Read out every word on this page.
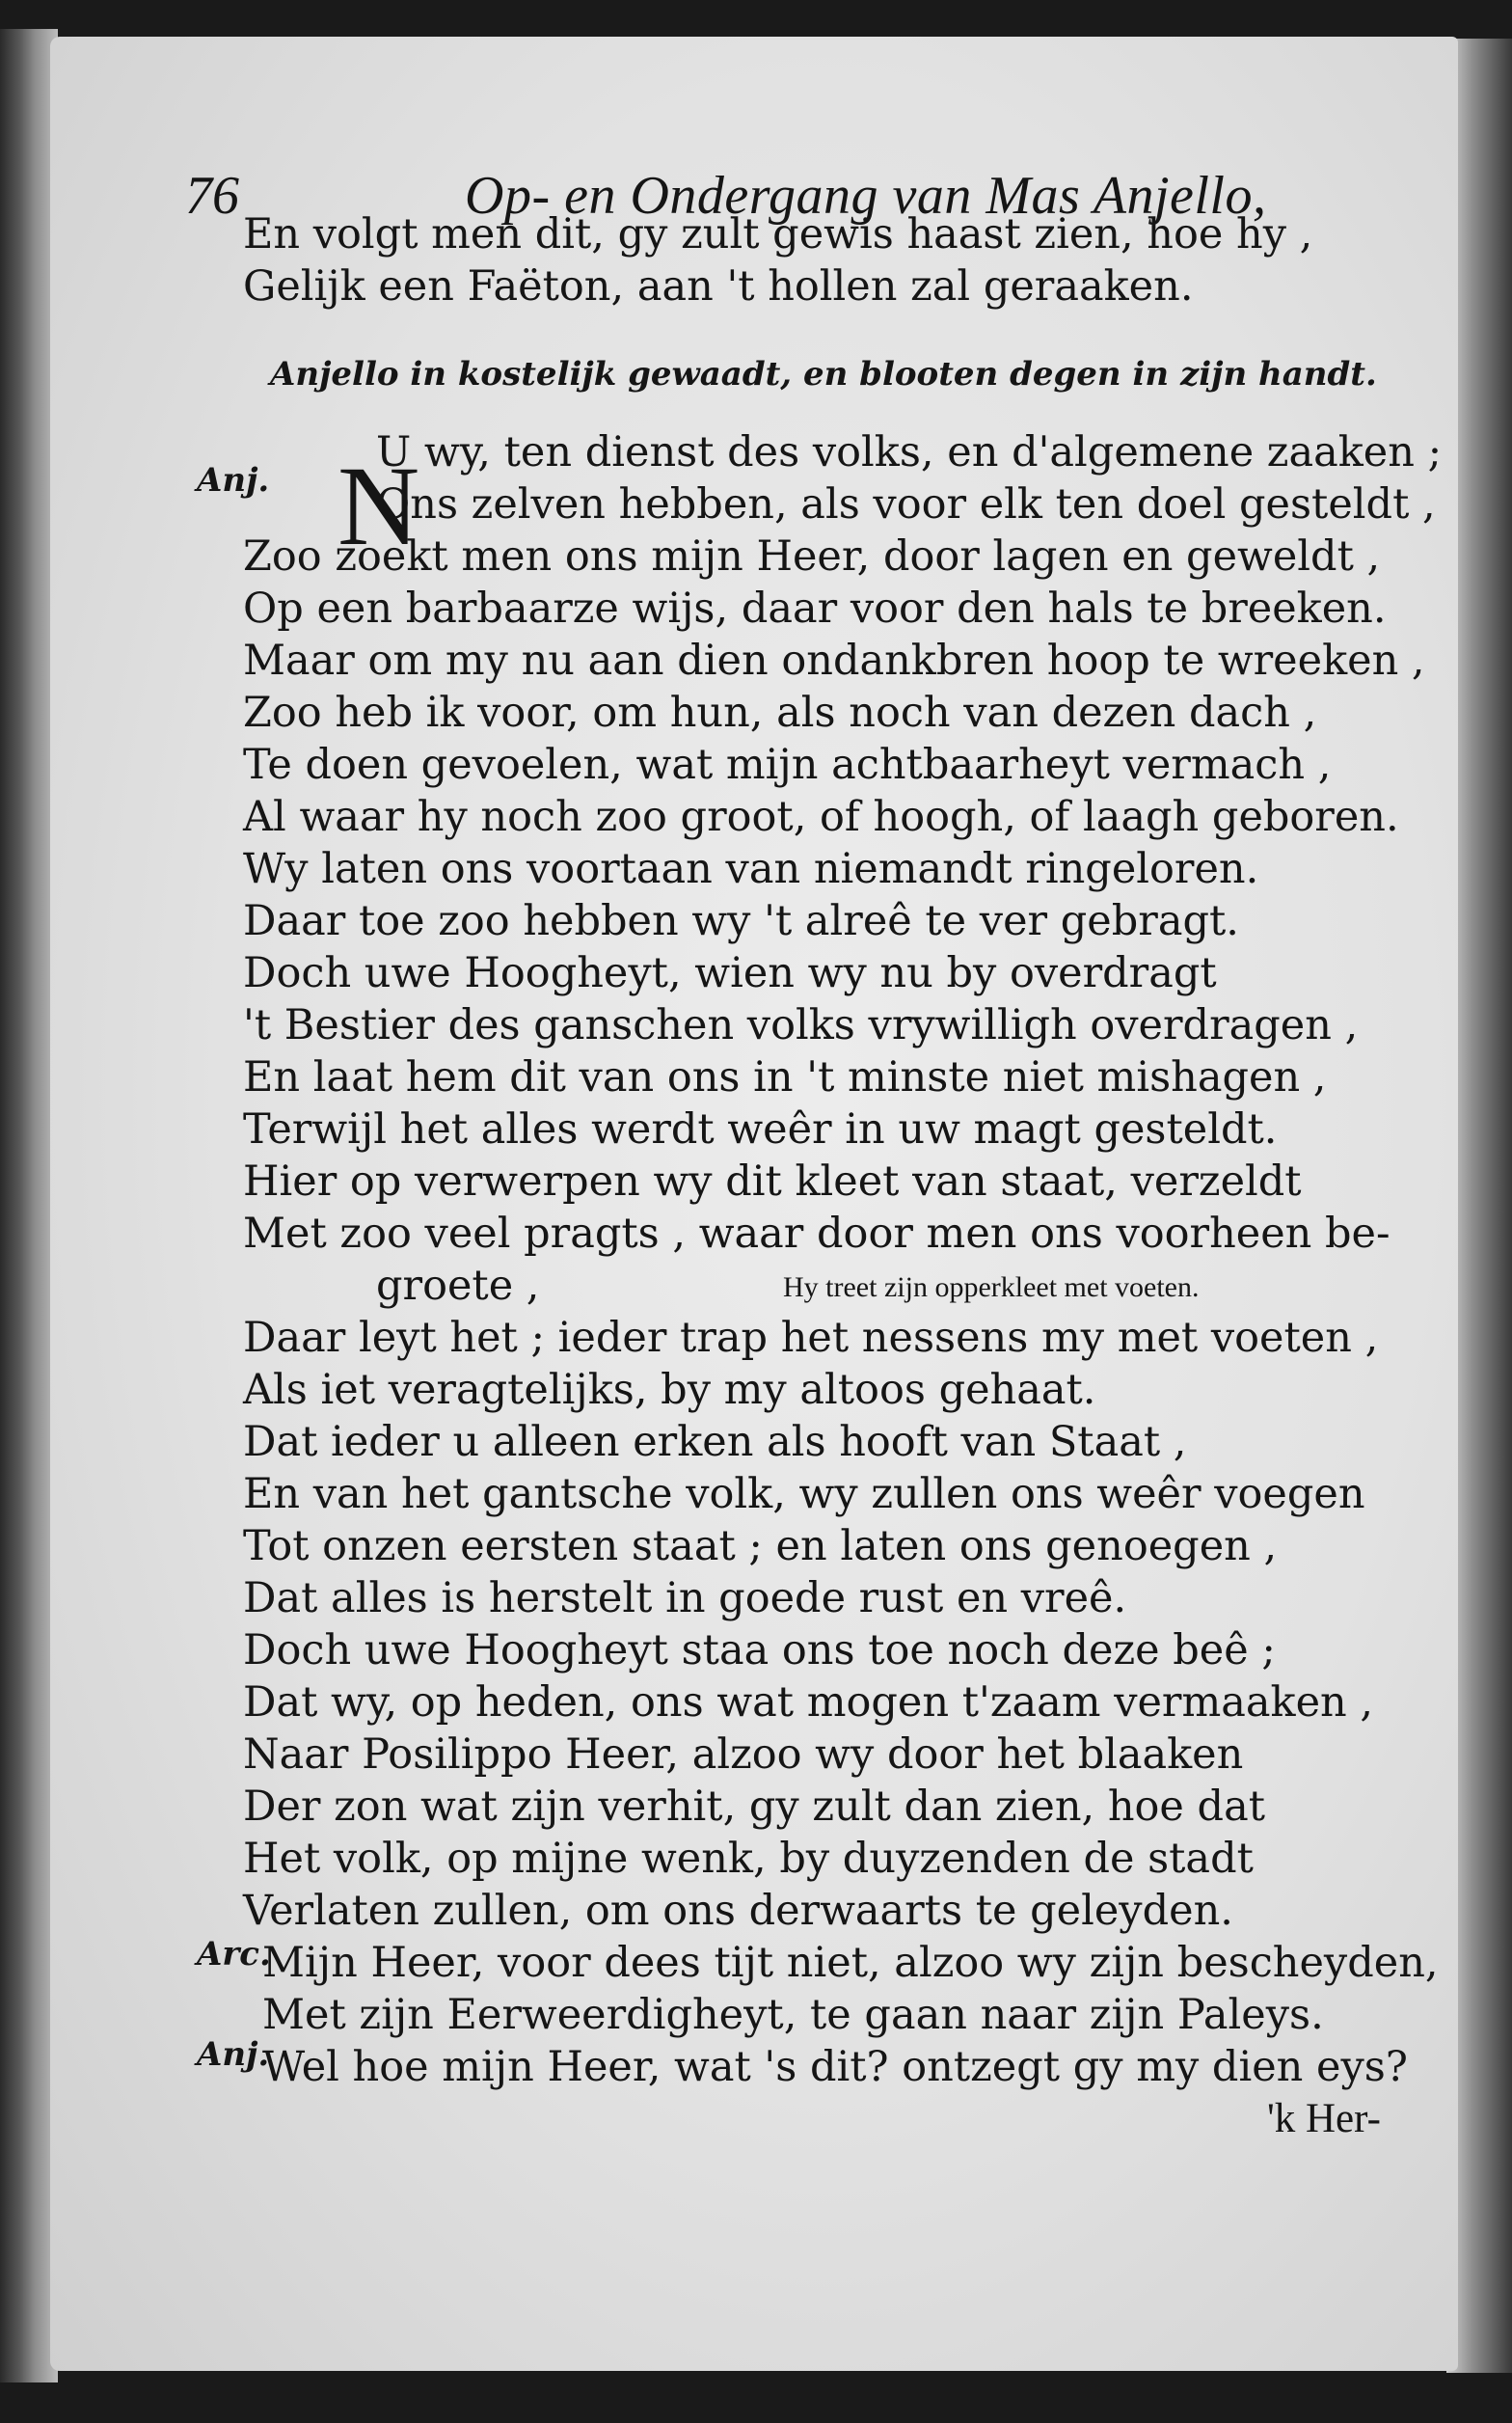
76	Op- en Ondergang van Mas Anjello,
Anjello in kostelijk gewaadt, en blooten degen in zijn handt.
Anj.
Arc.
Anj.
N
En volgt men dit, gy zult gewis haast zien, hoe hy ,
Gelijk een Faëton, aan 't hollen zal geraaken.
U wy, ten dienst des volks, en d'algemene zaaken ;
Ons zelven hebben, als voor elk ten doel gesteldt ,
Zoo zoekt men ons mijn Heer, door lagen en geweldt ,
Op een barbaarze wijs, daar voor den hals te breeken.
Maar om my nu aan dien ondankbren hoop te wreeken ,
Zoo heb ik voor, om hun, als noch van dezen dach ,
Te doen gevoelen, wat mijn achtbaarheyt vermach ,
Al waar hy noch zoo groot, of hoogh, of laagh geboren.
Wy laten ons voortaan van niemandt ringeloren.
Daar toe zoo hebben wy 't alreê te ver gebragt.
Doch uwe Hoogheyt, wien wy nu by overdragt
't Bestier des ganschen volks vrywilligh overdragen ,
En laat hem dit van ons in 't minste niet mishagen ,
Terwijl het alles werdt weêr in uw magt gesteldt.
Hier op verwerpen wy dit kleet van staat, verzeldt
Met zoo veel pragts , waar door men ons voorheen be-
groete ,	Hy treet zijn opperkleet met voeten.
Daar leyt het ; ieder trap het nessens my met voeten ,
Als iet veragtelijks, by my altoos gehaat.
Dat ieder u alleen erken als hooft van Staat ,
En van het gantsche volk, wy zullen ons weêr voegen
Tot onzen eersten staat ; en laten ons genoegen ,
Dat alles is herstelt in goede rust en vreê.
Doch uwe Hoogheyt staa ons toe noch deze beê ;
Dat wy, op heden, ons wat mogen t'zaam vermaaken ,
Naar Posilippo Heer, alzoo wy door het blaaken
Der zon wat zijn verhit, gy zult dan zien, hoe dat
Het volk, op mijne wenk, by duyzenden de stadt
Verlaten zullen, om ons derwaarts te geleyden.
Mijn Heer, voor dees tijt niet, alzoo wy zijn bescheyden,
Met zijn Eerweerdigheyt, te gaan naar zijn Paleys.
Wel hoe mijn Heer, wat 's dit? ontzegt gy my dien eys?
'k Her-
